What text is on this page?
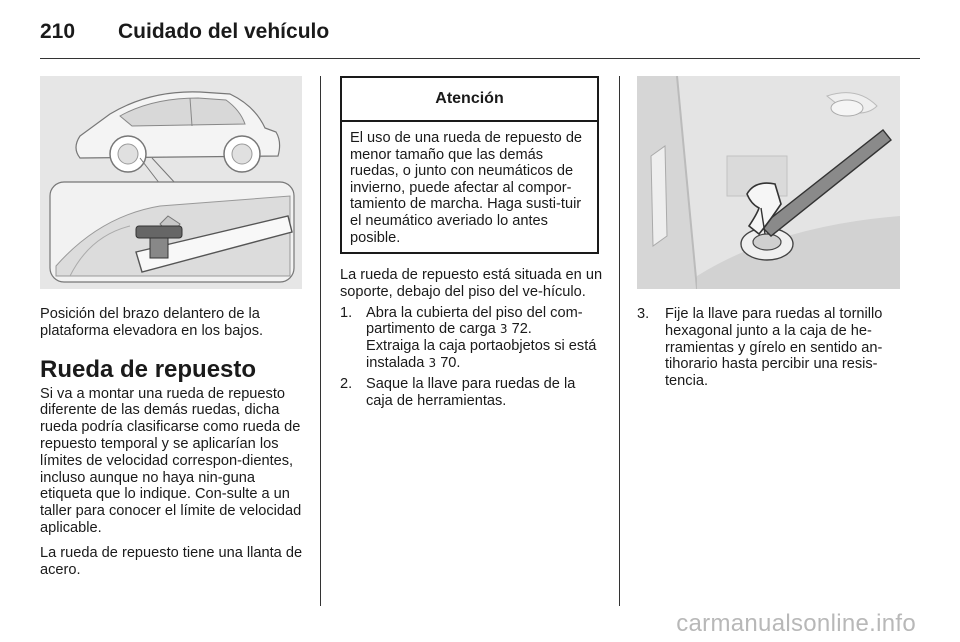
210 Cuidado del vehículo

Posición del brazo delantero de la plataforma elevadora en los bajos.

Rueda de repuesto

Si va a montar una rueda de repuesto diferente de las demás ruedas, dicha rueda podría clasificarse como rueda de repuesto temporal y se aplicarían los límites de velocidad correspon-dientes, incluso aunque no haya nin-guna etiqueta que lo indique. Con-sulte a un taller para conocer el límite de velocidad aplicable.

La rueda de repuesto tiene una llanta de acero.

Atención
El uso de una rueda de repuesto de menor tamaño que las demás ruedas, o junto con neumáticos de invierno, puede afectar al compor-tamiento de marcha. Haga susti-tuir el neumático averiado lo antes posible.

La rueda de repuesto está situada en un soporte, debajo del piso del ve-hículo.

1. Abra la cubierta del piso del com-partimento de carga 3 72.

Extraiga la caja portaobjetos si está instalada 3 70.

2. Saque la llave para ruedas de la caja de herramientas.

3. Fije la llave para ruedas al tornillo hexagonal junto a la caja de he-rramientas y gírelo en sentido an-tihorario hasta percibir una resis-tencia.

carmanualsonline.info
